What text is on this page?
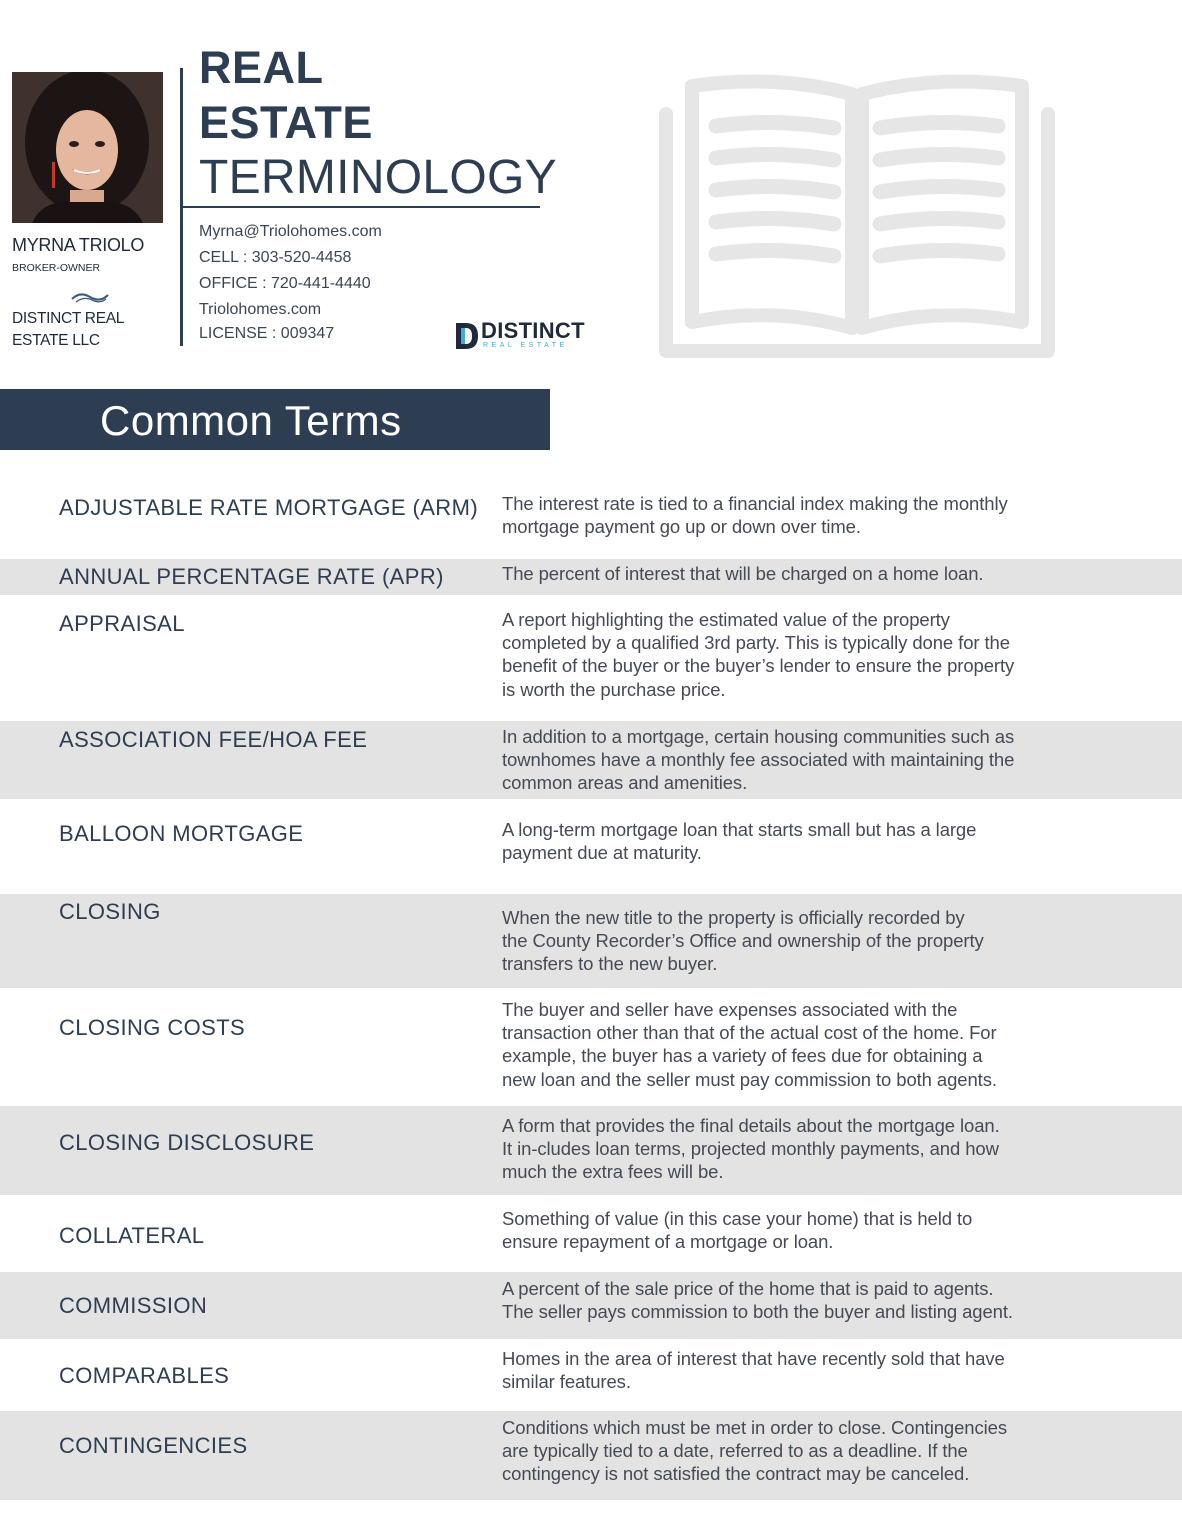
MYRNA TRIOLO
BROKER-OWNER
DISTINCT REAL
ESTATE LLC
REAL
ESTATE
TERMINOLOGY
Myrna@Triolohomes.com
CELL : 303-520-4458
OFFICE : 720-441-4440
Triolohomes.com
LICENSE : 009347	DISTINCT
REAL ESTATE
Common Terms
ADJUSTABLE RATE MORTGAGE (ARM) The interest rate is tied to a financial index making the monthly
mortgage payment go up or down over time.
ANNUAL PERCENTAGE RATE (APR)	The percent of interest that will be charged on a home loan.
APPRAISAL	A report highlighting the estimated value of the property
completed by a qualified 3rd party. This is typically done for the
benefit of the buyer or the buyer’s lender to ensure the property
is worth the purchase price.
ASSOCIATION FEE/HOA FEE	In addition to a mortgage, certain housing communities such as
townhomes have a monthly fee associated with maintaining the
common areas and amenities.
BALLOON MORTGAGE	A long-term mortgage loan that starts small but has a large
payment due at maturity.
CLOSING	When the new title to the property is officially recorded by
the County Recorder’s Office and ownership of the property
transfers to the new buyer.
CLOSING COSTS
The buyer and seller have expenses associated with the
transaction other than that of the actual cost of the home. For
example, the buyer has a variety of fees due for obtaining a
new loan and the seller must pay commission to both agents.
CLOSING DISCLOSURE
A form that provides the final details about the mortgage loan.
It in-cludes loan terms, projected monthly payments, and how
much the extra fees will be.
COLLATERAL
Something of value (in this case your home) that is held to
ensure repayment of a mortgage or loan.
COMMISSION
A percent of the sale price of the home that is paid to agents.
The seller pays commission to both the buyer and listing agent.
COMPARABLES
Homes in the area of interest that have recently sold that have
similar features.
CONTINGENCIES
Conditions which must be met in order to close. Contingencies
are typically tied to a date, referred to as a deadline. If the
contingency is not satisfied the contract may be canceled.
